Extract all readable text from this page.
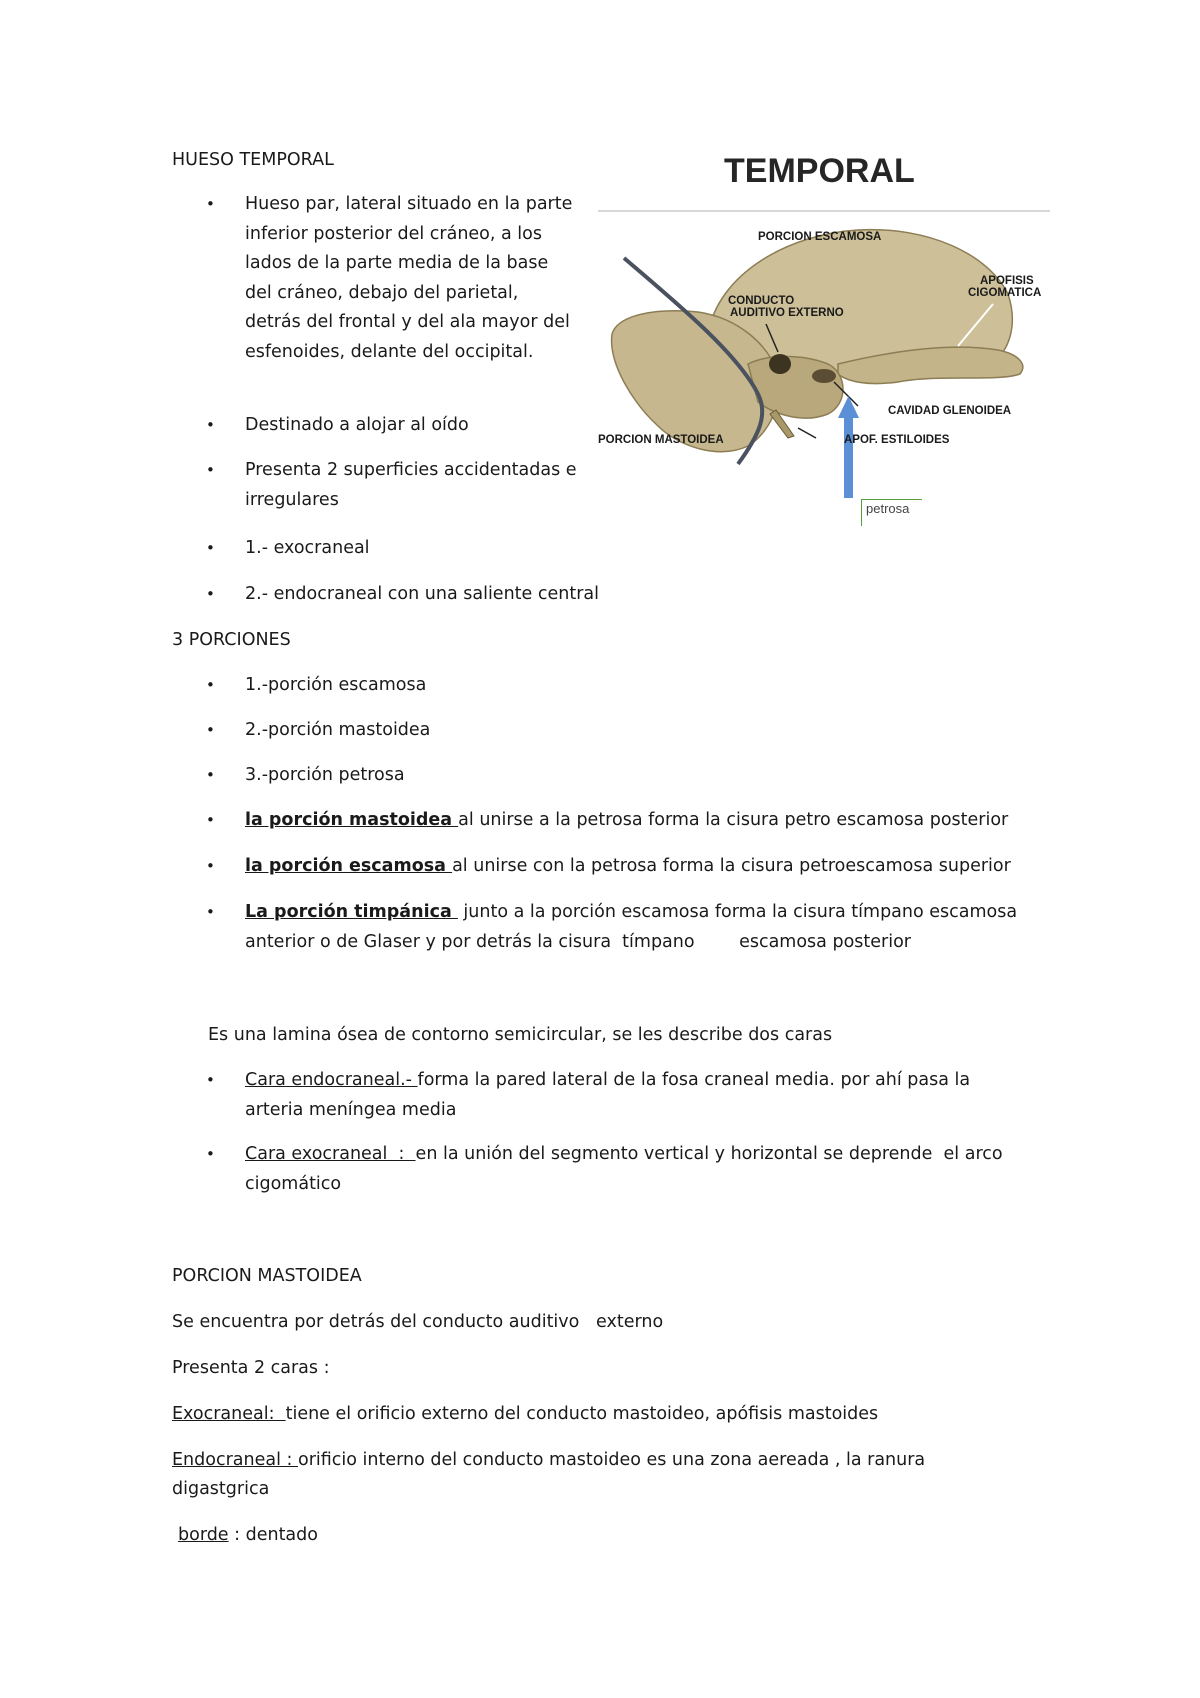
HUESO TEMPORAL
• Hueso par, lateral situado en la parte inferior posterior del cráneo, a los lados de la parte media de la base del cráneo, debajo del parietal, detrás del frontal y del ala mayor del esfenoides, delante del occipital.
• Destinado a alojar al oído
• Presenta 2 superficies accidentadas e irregulares
• 1.- exocraneal
• 2.- endocraneal con una saliente central
3 PORCIONES
• 1.-porción escamosa
• 2.-porción mastoidea
• 3.-porción petrosa
• la porción mastoidea al unirse a la petrosa forma la cisura petro escamosa posterior
• la porción escamosa al unirse con la petrosa forma la cisura petroescamosa superior
• La porción timpánica  junto a la porción escamosa forma la cisura tímpano escamosa anterior o de Glaser y por detrás la cisura  tímpano        escamosa posterior
Es una lamina ósea de contorno semicircular, se les describe dos caras
• Cara endocraneal.- forma la pared lateral de la fosa craneal media. por ahí pasa la arteria meníngea media
• Cara exocraneal  :  en la unión del segmento vertical y horizontal se deprende  el arco cigomático
PORCION MASTOIDEA
Se encuentra por detrás del conducto auditivo   externo
Presenta 2 caras :
Exocraneal:  tiene el orificio externo del conducto mastoideo, apófisis mastoides
Endocraneal : orificio interno del conducto mastoideo es una zona aereada , la ranura digastgrica
borde : dentado
TEMPORAL
PORCION ESCAMOSA
APOFISIS
CIGOMATICA
CONDUCTO
AUDITIVO EXTERNO
CAVIDAD GLENOIDEA
APOF. ESTILOIDES
PORCION MASTOIDEA
petrosa
